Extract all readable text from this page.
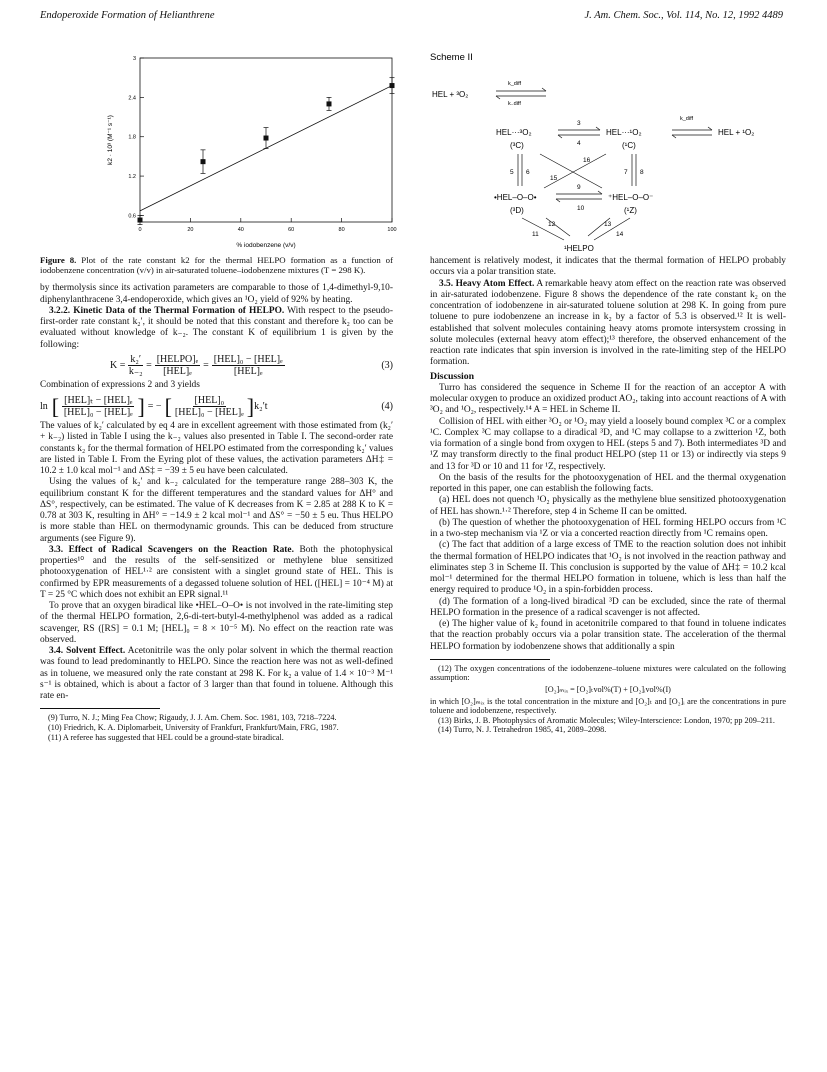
Endoperoxide Formation of Helianthrene	J. Am. Chem. Soc., Vol. 114, No. 12, 1992 4489
0.6
1.2
1.8
2.4
3
0	20	40	60	80	100
k2 · 10³ (M⁻¹ s⁻¹)
% iodobenzene (v/v)

Figure 8. Plot of the rate constant k2 for the thermal HELPO formation as a function of iodobenzene concentration (v/v) in air-saturated toluene–iodobenzene mixtures (T = 298 K).

by thermolysis since its activation parameters are comparable to those of 1,4-dimethyl-9,10-diphenylanthracene 3,4-endoperoxide, which gives an ¹O₂ yield of 92% by heating.

3.2.2. Kinetic Data of the Thermal Formation of HELPO. With respect to the pseudo-first-order rate constant k₂′, it should be noted that this constant and therefore k₂ too can be evaluated without knowledge of k₋₂. The constant K of equilibrium 1 is given by the following:

$K = \frac{\text{k₂′}}{\text{k₋₂}} = \frac{\text{[HELPO]ₑ}}{\text{[HEL]ₑ}} = \frac{\text{[HEL]₀ − [HEL]ₑ}}{\text{[HEL]ₑ}}$	(3)

Combination of expressions 2 and 3 yields

ln [ $\frac{\text{[HEL]ₜ − [HEL]ₑ}}{\text{[HEL]₀ − [HEL]ₑ}}$ ] = − [ $\frac{\text{[HEL]₀}}{\text{[HEL]₀ − [HEL]ₑ}}$ ] k₂′t	(4)

The values of k₂′ calculated by eq 4 are in excellent agreement with those estimated from (k₂′ + k₋₂) listed in Table I using the k₋₂ values also presented in Table I. The second-order rate constants k₂ for the thermal formation of HELPO estimated from the corresponding k₂′ values are listed in Table I. From the Eyring plot of these values, the activation parameters ΔH‡ = 10.2 ± 1.0 kcal mol⁻¹ and ΔS‡ = −39 ± 5 eu have been calculated.

Using the values of k₂′ and k₋₂ calculated for the temperature range 288–303 K, the equilibrium constant K for the different temperatures and the standard values for ΔH° and ΔS°, respectively, can be estimated. The value of K decreases from K = 2.85 at 288 K to K = 0.78 at 303 K, resulting in ΔH° = −14.9 ± 2 kcal mol⁻¹ and ΔS° = −50 ± 5 eu. Thus HELPO is more stable than HEL on thermodynamic grounds. This can be deduced from structure arguments (see Figure 9).

3.3. Effect of Radical Scavengers on the Reaction Rate. Both the photophysical properties¹⁰ and the results of the self-sensitized or methylene blue sensitized photooxygenation of HEL¹·² are consistent with a singlet ground state of HEL. This is confirmed by EPR measurements of a degassed toluene solution of HEL ([HEL] = 10⁻⁴ M) at T = 25 °C which does not exhibit an EPR signal.¹¹

To prove that an oxygen biradical like •HEL–O–O• is not involved in the rate-limiting step of the thermal HELPO formation, 2,6-di-tert-butyl-4-methylphenol was added as a radical scavenger, RS ([RS] = 0.1 M; [HEL]₀ = 8 × 10⁻⁵ M). No effect on the reaction rate was observed.

3.4. Solvent Effect. Acetonitrile was the only polar solvent in which the thermal reaction was found to lead predominantly to HELPO. Since the reaction here was not as well-defined as in toluene, we measured only the rate constant at 298 K. For k₂ a value of 1.4 × 10⁻³ M⁻¹ s⁻¹ is obtained, which is about a factor of 3 larger than that found in toluene. Although this rate en-

(9) Turro, N. J.; Ming Fea Chow; Rigaudy, J. J. Am. Chem. Soc. 1981, 103, 7218–7224.

(10) Friedrich, K. A. Diplomarbeit, University of Frankfurt, Frankfurt/Main, FRG, 1987.

(11) A referee has suggested that HEL could be a ground-state biradical.

Scheme II
HEL + ³O₂
k_diff
k₋diff
HEL···³O₂
(³C)
3
4
HEL···¹O₂
(¹C)
k_diff
HEL + ¹O₂
5 6	7 8
16
15
•HEL–O–O•
(³D)
9
10
⁺HEL–O–O⁻
(¹Z)
12
11
13
14
¹HELPO

hancement is relatively modest, it indicates that the thermal formation of HELPO probably occurs via a polar transition state.

3.5. Heavy Atom Effect. A remarkable heavy atom effect on the reaction rate was observed in air-saturated iodobenzene. Figure 8 shows the dependence of the rate constant k₂ on the concentration of iodobenzene in air-saturated toluene solution at 298 K. In going from pure toluene to pure iodobenzene an increase in k₂ by a factor of 5.3 is observed.¹² It is well-established that solvent molecules containing heavy atoms promote intersystem crossing in solute molecules (external heavy atom effect);¹³ therefore, the observed enhancement of the reaction rate indicates that spin inversion is involved in the rate-limiting step of the HELPO formation.

Discussion

Turro has considered the sequence in Scheme II for the reaction of an acceptor A with molecular oxygen to produce an oxidized product AO₂, taking into account reactions of A with ³O₂ and ¹O₂, respectively.¹⁴ A = HEL in Scheme II.

Collision of HEL with either ³O₂ or ¹O₂ may yield a loosely bound complex ³C or a complex ¹C. Complex ³C may collapse to a diradical ³D, and ¹C may collapse to a zwitterion ¹Z, both via formation of a single bond from oxygen to HEL (steps 5 and 7). Both intermediates ³D and ¹Z may transform directly to the final product HELPO (step 11 or 13) or indirectly via steps 9 and 13 for ³D or 10 and 11 for ¹Z, respectively.

On the basis of the results for the photooxygenation of HEL and the thermal oxygenation reported in this paper, one can establish the following facts.

(a) HEL does not quench ¹O₂ physically as the methylene blue sensitized photooxygenation of HEL has shown.¹·² Therefore, step 4 in Scheme II can be omitted.

(b) The question of whether the photooxygenation of HEL forming HELPO occurs from ¹C in a two-step mechanism via ¹Z or via a concerted reaction directly from ¹C remains open.

(c) The fact that addition of a large excess of TME to the reaction solution does not inhibit the thermal formation of HELPO indicates that ¹O₂ is not involved in the reaction pathway and eliminates step 3 in Scheme II. This conclusion is supported by the value of ΔH‡ = 10.2 kcal mol⁻¹ determined for the thermal HELPO formation in toluene, which is less than half the energy required to produce ¹O₂ in a spin-forbidden process.

(d) The formation of a long-lived biradical ³D can be excluded, since the rate of thermal HELPO formation in the presence of a radical scavenger is not affected.

(e) The higher value of k₂ found in acetonitrile compared to that found in toluene indicates that the reaction probably occurs via a polar transition state. The acceleration of the thermal HELPO formation by iodobenzene shows that additionally a spin

(12) The oxygen concentrations of the iodobenzene–toluene mixtures were calculated on the following assumption:

[O₂]ₘᵢₓ = [O₂]ₜvol%(T) + [O₂]ᵢvol%(I)

in which [O₂]ₘᵢₓ is the total concentration in the mixture and [O₂]ₜ and [O₂]ᵢ are the concentrations in pure toluene and iodobenzene, respectively.

(13) Birks, J. B. Photophysics of Aromatic Molecules; Wiley-Interscience: London, 1970; pp 209–211.

(14) Turro, N. J. Tetrahedron 1985, 41, 2089–2098.
